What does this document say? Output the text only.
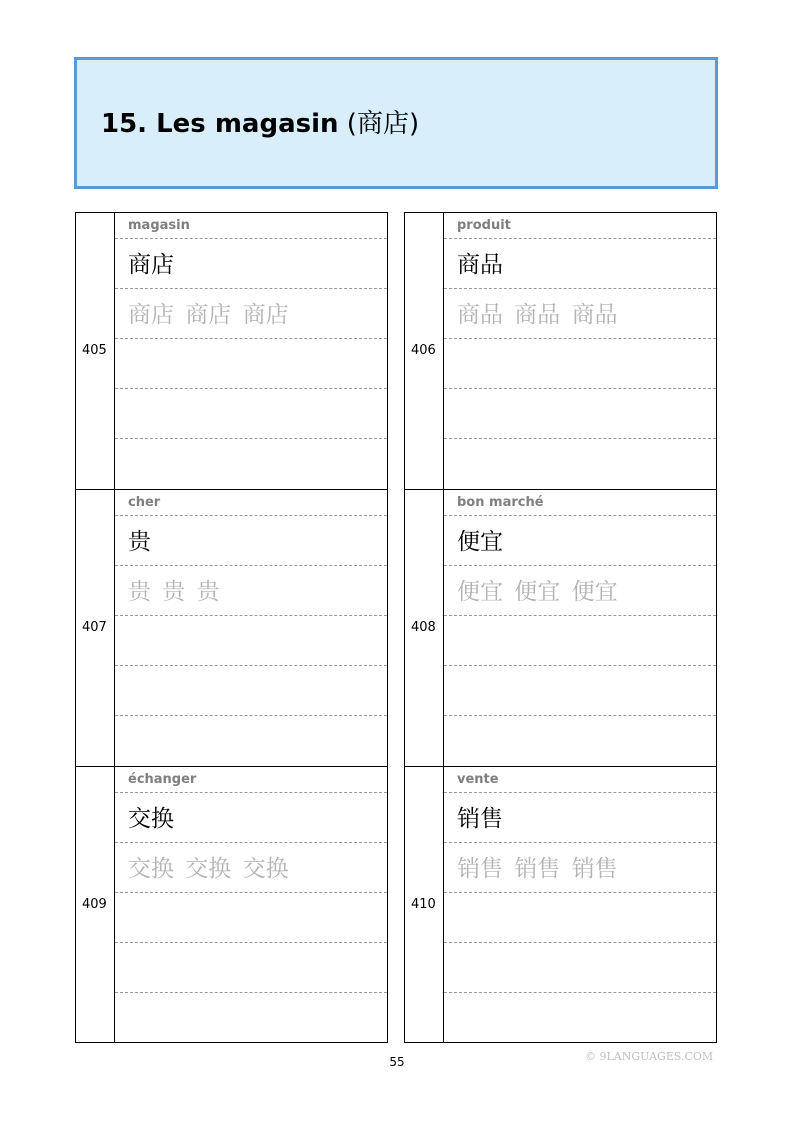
15. Les magasin (商店)
405
magasin
商店
商店 商店 商店
406
produit
商品
商品 商品 商品
407
cher
贵
贵 贵 贵
408
bon marché
便宜
便宜 便宜 便宜
409
échanger
交换
交换 交换 交换
410
vente
销售
销售 销售 销售
55	© 9LANGUAGES.COM
